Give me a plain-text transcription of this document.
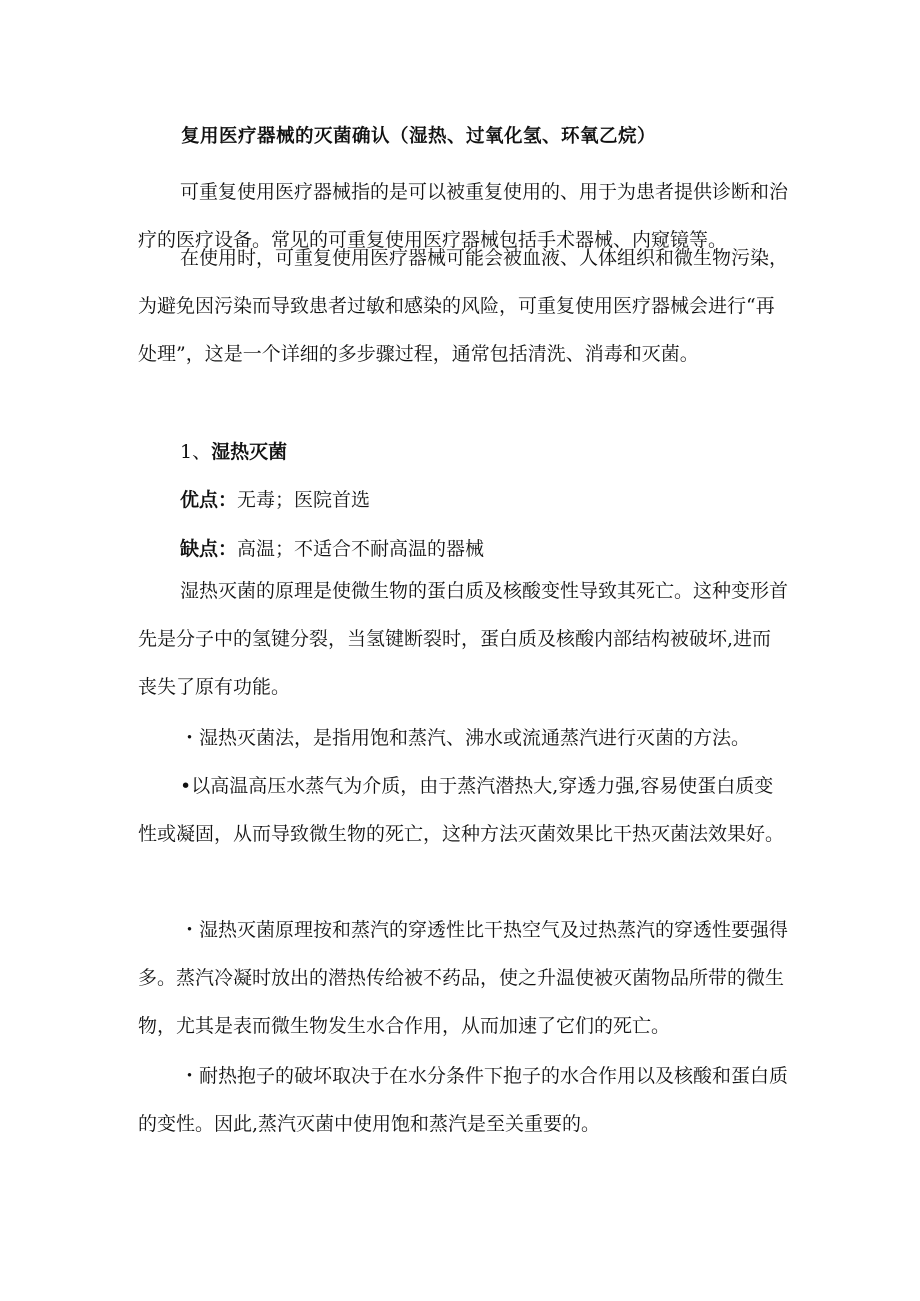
复用医疗器械的灭菌确认（湿热、过氧化氢、环氧乙烷）

可重复使用医疗器械指的是可以被重复使用的、用于为患者提供诊断和治疗的医疗设备。常见的可重复使用医疗器械包括手术器械、内窥镜等。

在使用时，可重复使用医疗器械可能会被血液、人体组织和微生物污染，为避免因污染而导致患者过敏和感染的风险，可重复使用医疗器械会进行“再处理”，这是一个详细的多步骤过程，通常包括清洗、消毒和灭菌。

1、湿热灭菌

优点：无毒；医院首选

缺点：高温；不适合不耐高温的器械

湿热灭菌的原理是使微生物的蛋白质及核酸变性导致其死亡。这种变形首先是分子中的氢键分裂，当氢键断裂时，蛋白质及核酸内部结构被破坏,进而丧失了原有功能。

・湿热灭菌法，是指用饱和蒸汽、沸水或流通蒸汽进行灭菌的方法。

•以高温高压水蒸气为介质，由于蒸汽潜热大,穿透力强,容易使蛋白质变性或凝固，从而导致微生物的死亡，这种方法灭菌效果比干热灭菌法效果好。

・湿热灭菌原理按和蒸汽的穿透性比干热空气及过热蒸汽的穿透性要强得多。蒸汽冷凝时放出的潜热传给被不药品，使之升温使被灭菌物品所带的微生物，尤其是表而微生物发生水合作用，从而加速了它们的死亡。

・耐热抱子的破坏取决于在水分条件下抱子的水合作用以及核酸和蛋白质的变性。因此,蒸汽灭菌中使用饱和蒸汽是至关重要的。
